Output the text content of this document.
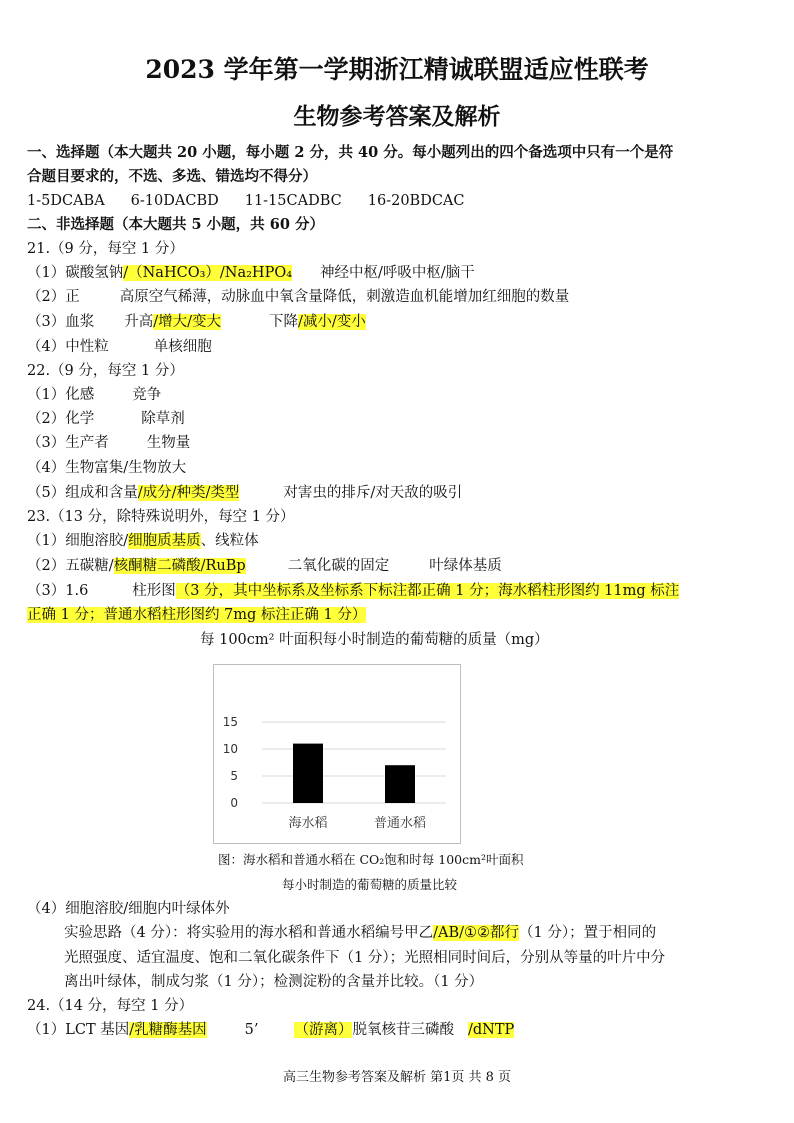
2023 学年第一学期浙江精诚联盟适应性联考
生物参考答案及解析
一、选择题（本大题共 20 小题，每小题 2 分，共 40 分。每小题列出的四个备选项中只有一个是符
合题目要求的，不选、多选、错选均不得分）
1-5DCABA 6-10DACBD 11-15CADBC 16-20BDCAC
二、非选择题（本大题共 5 小题，共 60 分）
21.（9 分，每空 1 分）
（1）碳酸氢钠/（NaHCO₃）/Na₂HPO₄ 神经中枢/呼吸中枢/脑干
（2）正	高原空气稀薄，动脉血中氧含量降低，刺激造血机能增加红细胞的数量
（3）血浆 升高/增大/变大	下降/减小/变小
（4）中性粒	单核细胞
22.（9 分，每空 1 分）
（1）化感	竞争
（2）化学	除草剂
（3）生产者	生物量
（4）生物富集/生物放大
（5）组成和含量/成分/种类/类型	对害虫的排斥/对天敌的吸引
23.（13 分，除特殊说明外，每空 1 分）
（1）细胞溶胶/细胞质基质、线粒体
（2）五碳糖/核酮糖二磷酸/RuBp	二氧化碳的固定	叶绿体基质
（3）1.6	柱形图（3 分，其中坐标系及坐标系下标注都正确 1 分；海水稻柱形图约 11mg 标注
正确 1 分；普通水稻柱形图约 7mg 标注正确 1 分）
每 100cm² 叶面积每小时制造的葡萄糖的质量（mg）
0
5
10
15
海水稻	普通水稻
图：海水稻和普通水稻在 CO₂饱和时每 100cm²叶面积
每小时制造的葡萄糖的质量比较
（4）细胞溶胶/细胞内叶绿体外
实验思路（4 分）：将实验用的海水稻和普通水稻编号甲乙/AB/①②都行（1 分）；置于相同的
光照强度、适宜温度、饱和二氧化碳条件下（1 分）；光照相同时间后，分别从等量的叶片中分
离出叶绿体，制成匀浆（1 分）；检测淀粉的含量并比较。（1 分）
24.（14 分，每空 1 分）
（1）LCT 基因/乳糖酶基因	5’ （游离）脱氧核苷三磷酸 /dNTP
高三生物参考答案及解析 第1页 共 8 页
